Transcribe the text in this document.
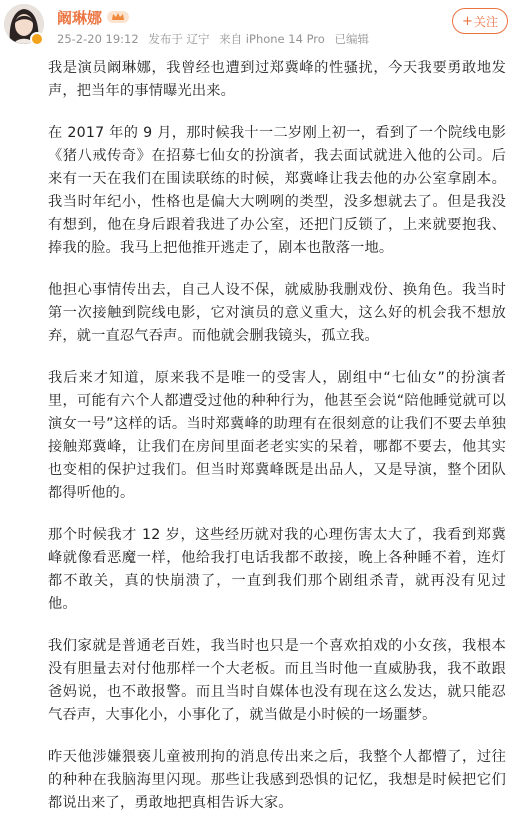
阚琳娜
25-2-20 19:12 发布于 辽宁 来自 iPhone 14 Pro 已编辑
+ 关注

我是演员阚琳娜，我曾经也遭到过郑冀峰的性骚扰，今天我要勇敢地发声，把当年的事情曝光出来。

在 2017 年的 9 月，那时候我十一二岁刚上初一，看到了一个院线电影《猪八戒传奇》在招募七仙女的扮演者，我去面试就进入他的公司。后来有一天在我们在围读联练的时候，郑冀峰让我去他的办公室拿剧本。我当时年纪小，性格也是偏大大咧咧的类型，没多想就去了。但是我没有想到，他在身后跟着我进了办公室，还把门反锁了，上来就要抱我、捧我的脸。我马上把他推开逃走了，剧本也散落一地。

他担心事情传出去，自己人设不保，就威胁我删戏份、换角色。我当时第一次接触到院线电影，它对演员的意义重大，这么好的机会我不想放弃，就一直忍气吞声。而他就会删我镜头，孤立我。

我后来才知道，原来我不是唯一的受害人，剧组中“七仙女”的扮演者里，可能有六个人都遭受过他的种种行为，他甚至会说“陪他睡觉就可以演女一号”这样的话。当时郑冀峰的助理有在很刻意的让我们不要去单独接触郑冀峰，让我们在房间里面老老实实的呆着，哪都不要去，他其实也变相的保护过我们。但当时郑冀峰既是出品人，又是导演，整个团队都得听他的。

那个时候我才 12 岁，这些经历就对我的心理伤害太大了，我看到郑冀峰就像看恶魔一样，他给我打电话我都不敢接，晚上各种睡不着，连灯都不敢关，真的快崩溃了，一直到我们那个剧组杀青，就再没有见过他。

我们家就是普通老百姓，我当时也只是一个喜欢拍戏的小女孩，我根本没有胆量去对付他那样一个大老板。而且当时他一直威胁我，我不敢跟爸妈说，也不敢报警。而且当时自媒体也没有现在这么发达，就只能忍气吞声，大事化小，小事化了，就当做是小时候的一场噩梦。

昨天他涉嫌猥亵儿童被刑拘的消息传出来之后，我整个人都懵了，过往的种种在我脑海里闪现。那些让我感到恐惧的记忆，我想是时候把它们都说出来了，勇敢地把真相告诉大家。
